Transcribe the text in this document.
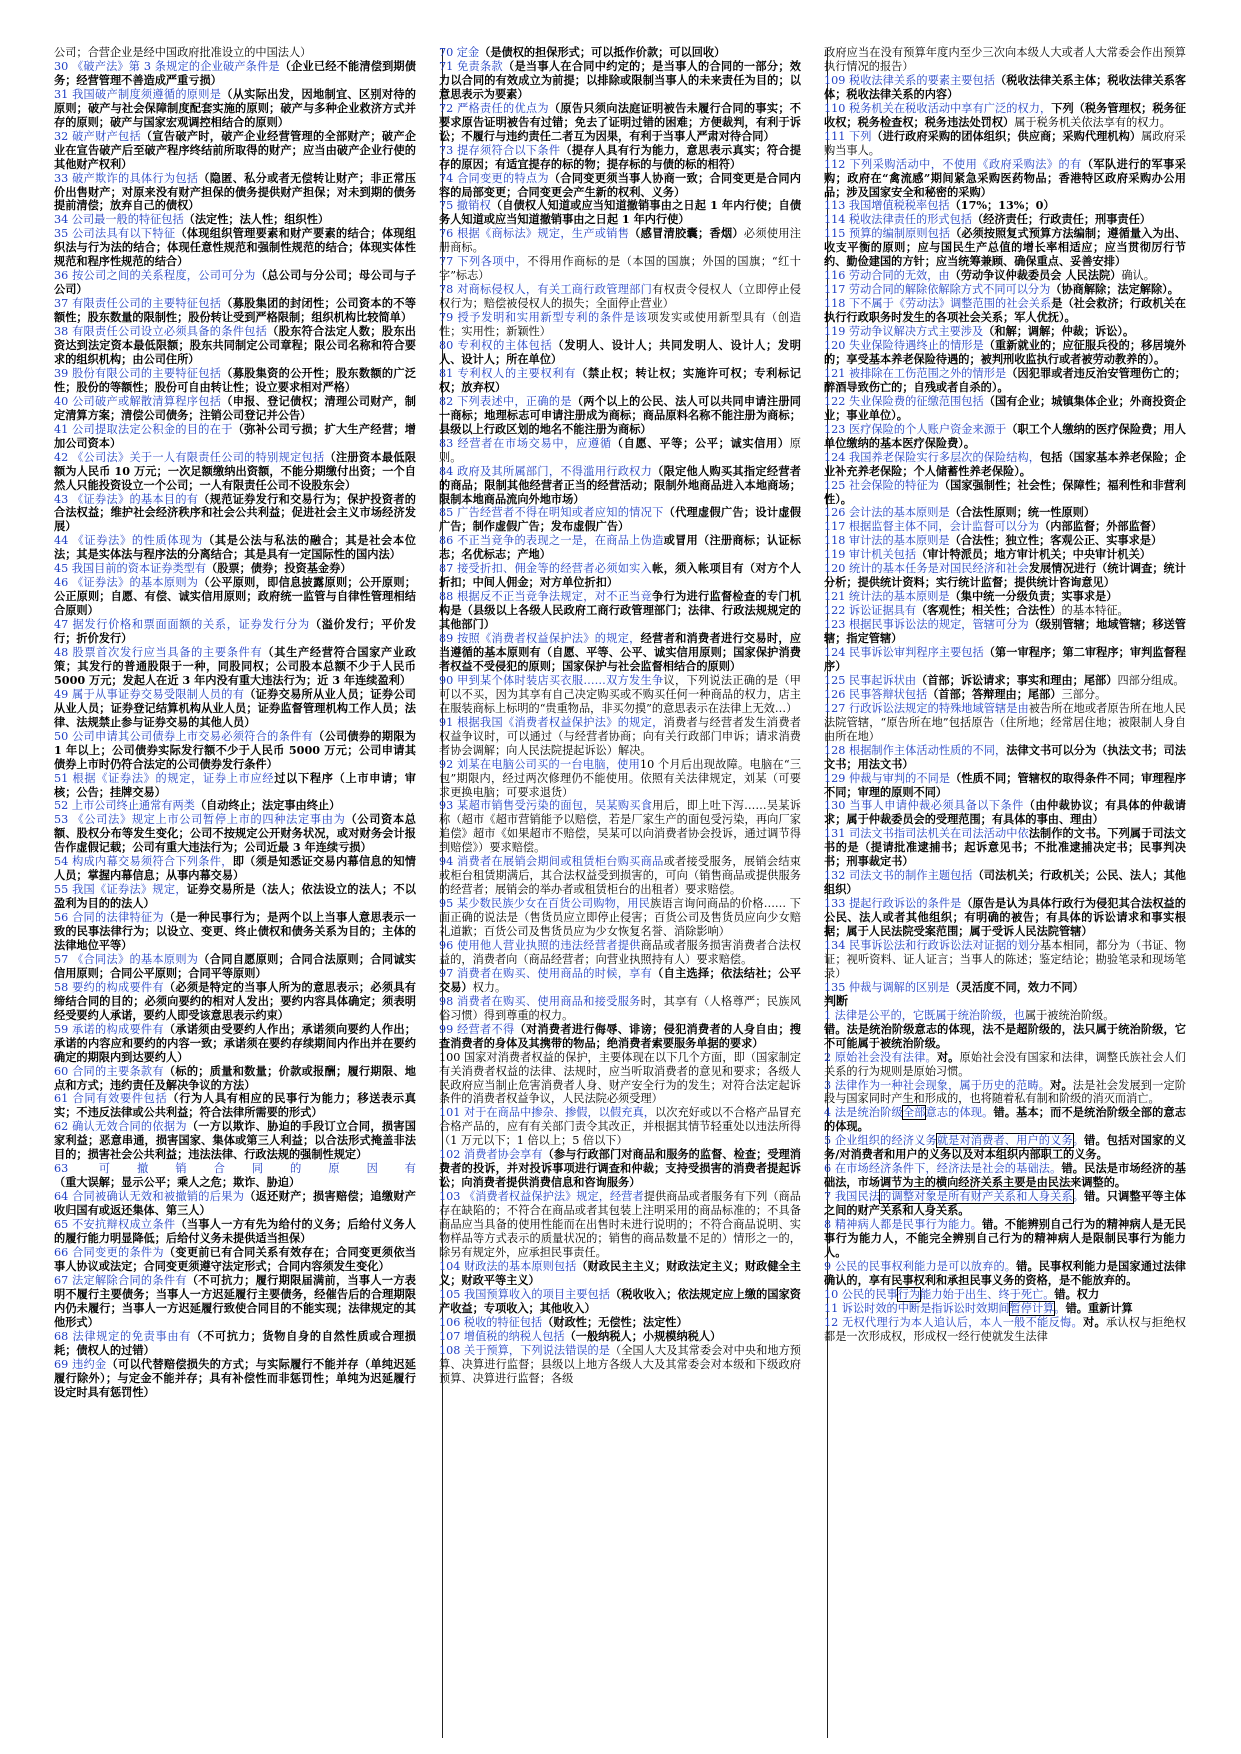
公司；合营企业是经中国政府批准设立的中国法人）

30 《破产法》第 3 条规定的企业破产条件是（企业已经不能清偿到期债务；经营管理不善造成严重亏损）

31 我国破产制度须遵循的原则是（从实际出发，因地制宜、区别对待的原则；破产与社会保障制度配套实施的原则；破产与多种企业救济方式并存的原则；破产与国家宏观调控相结合的原则）

32 破产财产包括（宣告破产时，破产企业经营管理的全部财产；破产企业在宣告破产后至破产程序终结前所取得的财产；应当由破产企业行使的其他财产权利）

33 破产欺诈的具体行为包括（隐匿、私分或者无偿转让财产；非正常压价出售财产；对原来没有财产担保的债务提供财产担保；对未到期的债务提前清偿；放弃自己的债权）

34 公司最一般的特征包括（法定性；法人性；组织性）

35 公司法具有以下特征（体现组织管理要素和财产要素的结合；体现组织法与行为法的结合；体现任意性规范和强制性规范的结合；体现实体性规范和程序性规范的结合）

36 按公司之间的关系程度，公司可分为（总公司与分公司；母公司与子公司）

37 有限责任公司的主要特征包括（募股集团的封闭性；公司资本的不等额性；股东数量的限制性；股份转让受到严格限制；组织机构比较简单）

38 有限责任公司设立必须具备的条件包括（股东符合法定人数；股东出资达到法定资本最低限额；股东共同制定公司章程；限公司名称和符合要求的组织机构；由公司住所）

39 股份有限公司的主要特征包括（募股集资的公开性；股东数额的广泛性；股份的等额性；股份可自由转让性；设立要求相对严格）

40 公司破产或解散清算程序包括（申报、登记债权；清理公司财产，制定清算方案；清偿公司债务；注销公司登记并公告）

41 公司提取法定公积金的目的在于（弥补公司亏损；扩大生产经营；增加公司资本）

42 《公司法》关于一人有限责任公司的特别规定包括（注册资本最低限额为人民币 10 万元；一次足额缴纳出资额，不能分期缴付出资；一个自然人只能投资设立一个公司；一人有限责任公司不设股东会）

43 《证券法》的基本目的有（规范证券发行和交易行为；保护投资者的合法权益；维护社会经济秩序和社会公共利益；促进社会主义市场经济发展）

44 《证券法》的性质体现为（其是公法与私法的融合；其是社会本位法；其是实体法与程序法的分离结合；其是具有一定国际性的国内法）

45 我国目前的资本证券类型有（股票；债券；投资基金券）

46 《证券法》的基本原则为（公平原则，即信息披露原则；公开原则；公正原则；自愿、有偿、诚实信用原则；政府统一监管与自律性管理相结合原则）

47 据发行价格和票面面额的关系，证券发行分为（溢价发行；平价发行；折价发行）

48 股票首次发行应当具备的主要条件有（其生产经营符合国家产业政策；其发行的普通股限于一种，同股同权；公司股本总额不少于人民币 5000 万元；发起人在近 3 年内没有重大违法行为；近 3 年连续盈利）

49 属于从事证券交易受限制人员的有（证券交易所从业人员；证券公司从业人员；证券登记结算机构从业人员；证券监督管理机构工作人员；法律、法规禁止参与证券交易的其他人员）

50 公司申请其公司债券上市交易必须符合的条件有（公司债券的期限为 1 年以上；公司债券实际发行额不少于人民币 5000 万元；公司申请其债券上市时仍符合法定的公司债券发行条件）

51 根据《证券法》的规定，证券上市应经过以下程序（上市申请；审核；公告；挂牌交易）

52 上市公司终止通常有两类（自动终止；法定事由终止）

53 《公司法》规定上市公司暂停上市的四种法定事由为（公司资本总额、股权分布等发生变化；公司不按规定公开财务状况，或对财务会计报告作虚假记载；公司有重大违法行为；公司近最 3 年连续亏损）

54 构成内幕交易须符合下列条件，即（须是知悉证交易内幕信息的知情人员；掌握内幕信息；从事内幕交易）

55 我国《证券法》规定，证券交易所是（法人；依法设立的法人；不以盈利为目的的法人）

56 合同的法律特征为（是一种民事行为；是两个以上当事人意思表示一致的民事法律行为；以设立、变更、终止债权和债务关系为目的；主体的法律地位平等）

57 《合同法》的基本原则为（合同自愿原则；合同合法原则；合同诚实信用原则；合同公平原则；合同平等原则）

58 要约的构成要件有（必须是特定的当事人所为的意思表示；必须具有缔结合同的目的；必须向要约的相对人发出；要约内容具体确定；须表明经受要约人承诺，要约人即受该意思表示约束）

59 承诺的构成要件有（承诺须由受要约人作出；承诺须向要约人作出；承诺的内容应和要约的内容一致；承诺须在要约存续期间内作出并在要约确定的期限内到达要约人）

60 合同的主要条款有（标的；质量和数量；价款或报酬；履行期限、地点和方式；违约责任及解决争议的方法）

61 合同有效要件包括（行为人具有相应的民事行为能力；移送表示真实；不违反法律或公共利益；符合法律所需要的形式）

62 确认无效合同的依据为（一方以欺诈、胁迫的手段订立合同，损害国家利益；恶意串通，损害国家、集体或第三人利益；以合法形式掩盖非法目的；损害社会公共利益；违法法律、行政法规的强制性规定）

63 可撤销合同的原因有（重大误解；显示公平；乘人之危；欺诈、胁迫）

64 合同被确认无效和被撤销的后果为（返还财产；损害赔偿；追缴财产收归国有或返还集体、第三人）

65 不安抗辩权成立条件（当事人一方有先为给付的义务；后给付义务人的履行能力明显降低；后给付义务未提供适当担保）

66 合同变更的条件为（变更前已有合同关系有效存在；合同变更须依当事人协议或法定；合同变更须遵守法定形式；合同内容须发生变化）

67 法定解除合同的条件有（不可抗力；履行期限届满前，当事人一方表明不履行主要债务；当事人一方迟延履行主要债务，经催告后的合理期限内仍未履行；当事人一方迟延履行致使合同目的不能实现；法律规定的其他形式）

68 法律规定的免责事由有（不可抗力；货物自身的自然性质或合理损耗；债权人的过错）

69 违约金（可以代替赔偿损失的方式；与实际履行不能并存（单纯迟延履行除外）；与定金不能并存；具有补偿性而非惩罚性；单纯为迟延履行设定时具有惩罚性）

70 定金（是债权的担保形式；可以抵作价款；可以回收）

71 免责条款（是当事人在合同中约定的；是当事人的合同的一部分；效力以合同的有效成立为前提；以排除或限制当事人的未来责任为目的；以意思表示为要素）

72 严格责任的优点为（原告只须向法庭证明被告未履行合同的事实；不要求原告证明被告有过错；免去了证明过错的困难；方便裁判，有利于诉讼；不履行与违约责任二者互为因果，有利于当事人严肃对待合同）

73 提存须符合以下条件（提存人具有行为能力，意思表示真实；符合提存的原因；有适宜提存的标的物；提存标的与债的标的相符）

74 合同变更的特点为（合同变更须当事人协商一致；合同变更是合同内容的局部变更；合同变更会产生新的权利、义务）

75 撤销权（自债权人知道或应当知道撤销事由之日起 1 年内行使；自债务人知道或应当知道撤销事由之日起 1 年内行使）

76 根据《商标法》规定，生产或销售（感冒清胶囊；香烟）必须使用注册商标。

77 下列各项中，不得用作商标的是（本国的国旗；外国的国旗；“红十字”标志）

78 对商标侵权人，有关工商行政管理部门有权责令侵权人（立即停止侵权行为；赔偿被侵权人的损失；全面停止营业）

79 授予发明和实用新型专利的条件是该项发实或使用新型具有（创造性；实用性；新颖性）

80 专利权的主体包括（发明人、设计人；共同发明人、设计人；发明人、设计人；所在单位）

81 专利权人的主要权利有（禁止权；转让权；实施许可权；专利标记权；放弃权）

82 下列表述中，正确的是（两个以上的公民、法人可以共同申请注册同一商标；地理标志可申请注册成为商标；商品原料名称不能注册为商标；县级以上行政区划的地名不能注册为商标）

83 经营者在市场交易中，应遵循（自愿、平等；公平；诚实信用）原则。

84 政府及其所属部门，不得滥用行政权力（限定他人购买其指定经营者的商品；限制其他经营者正当的经营活动；限制外地商品进入本地商场；限制本地商品流向外地市场）

85 广告经营者不得在明知或者应知的情况下（代理虚假广告；设计虚假广告；制作虚假广告；发布虚假广告）

86 不正当竞争的表现之一是，在商品上伪造或冒用（注册商标；认证标志；名优标志；产地）

87 接受折扣、佣金等的经营者必须如实入帐，须入帐项目有（对方个人折扣；中间人佣金；对方单位折扣）

88 根据反不正当竞争法规定，对不正当竞争行为进行监督检查的专门机构是（县级以上各级人民政府工商行政管理部门；法律、行政法规规定的其他部门）

89 按照《消费者权益保护法》的规定，经营者和消费者进行交易时，应当遵循的基本原则有（自愿、平等、公平、诚实信用原则；国家保护消费者权益不受侵犯的原则；国家保护与社会监督相结合的原则）

90 甲到某个体时装店买衣服……双方发生争议，下列说法正确的是（甲可以不买，因为其享有自己决定购买或不购买任何一种商品的权力，店主在服装商标上标明的“贵重物品，非买勿摸”的意思表示在法律上无效…）

91 根据我国《消费者权益保护法》的规定，消费者与经营者发生消费者权益争议时，可以通过（与经营者协商；向有关行政部门申诉；请求消费者协会调解；向人民法院提起诉讼）解决。

92 刘某在电脑公司买的一台电脑，使用10 个月后出现故障。电脑在“三包”期限内，经过两次修理仍不能使用。依照有关法律规定，刘某（可要求更换电脑；可要求退货）

93 某超市销售受污染的面包，吴某购买食用后，即上吐下泻……吴某诉称（超市《超市营销能予以赔偿，若是厂家生产的面包受污染，再向厂家追偿》超市《如果超市不赔偿，吴某可以向消费者协会投诉，通过调节得到赔偿》）要求赔偿。

94 消费者在展销会期间或租赁柜台购买商品或者接受服务，展销会结束或柜台租赁期满后，其合法权益受到损害的，可向（销售商品或提供服务的经营者；展销会的举办者或租赁柜台的出租者）要求赔偿。

95 某少数民族少女在百货公司购物，用民族语言询问商品的价格…… 下面正确的说法是（售货员应立即停止侵害；百货公司及售货员应向少女赔礼道歉；百货公司及售货员应为少女恢复名誉、消除影响）

96 使用他人营业执照的违法经营者提供商品或者服务损害消费者合法权益的，消费者向（商品经营者；向营业执照持有人）要求赔偿。

97 消费者在购买、使用商品的时候，享有（自主选择；依法结社；公平交易）权力。

98 消费者在购买、使用商品和接受服务时，其享有（人格尊严；民族风俗习惯）得到尊重的权力。

99 经营者不得（对消费者进行侮辱、诽谤；侵犯消费者的人身自由；搜查消费者的身体及其携带的物品；绝消费者索要服务单据的要求）

100 国家对消费者权益的保护，主要体现在以下几个方面，即（国家制定有关消费者权益的法律、法规时，应当听取消费者的意见和要求；各级人民政府应当制止危害消费者人身、财产安全行为的发生；对符合法定起诉条件的消费者权益争议，人民法院必须受理）

101 对于在商品中掺杂、掺假，以假充真，以次充好或以不合格产品冒充合格产品的，应有有关部门责令其改正，并根据其情节轻重处以违法所得（1 万元以下；1 倍以上；5 倍以下）

102 消费者协会享有（参与行政部门对商品和服务的监督、检查；受理消费者的投诉，并对投诉事项进行调查和仲裁；支持受损害的消费者提起诉讼；向消费者提供消费信息和咨询服务）

103 《消费者权益保护法》规定，经营者提供商品或者服务有下列（商品存在缺陷的；不符合在商品或者其包装上注明采用的商品标准的；不具备商品应当具备的使用性能而在出售时未进行说明的；不符合商品说明、实物样品等方式表示的质量状况的；销售的商品数量不足的）情形之一的，除另有规定外，应承担民事责任。

104 财政法的基本原则包括（财政民主主义；财政法定主义；财政健全主义；财政平等主义）

105 我国预算收入的项目主要包括（税收收入；依法规定应上缴的国家资产收益；专项收入；其他收入）

106 税收的特征包括（财政性；无偿性；法定性）

107 增值税的纳税人包括（一般纳税人；小规模纳税人）

108 关于预算，下列说法错误的是（全国人大及其常委会对中央和地方预算、决算进行监督；县级以上地方各级人大及其常委会对本级和下级政府预算、决算进行监督；各级

政府应当在没有预算年度内至少三次向本级人大或者人大常委会作出预算执行情况的报告）

109 税收法律关系的要素主要包括（税收法律关系主体；税收法律关系客体；税收法律关系的内容）

110 税务机关在税收活动中享有广泛的权力，下列（税务管理权；税务征收权；税务检查权；税务违法处罚权）属于税务机关依法享有的权力。

111 下列（进行政府采购的团体组织；供应商；采购代理机构）属政府采购当事人。

112 下列采购活动中，不使用《政府采购法》的有（军队进行的军事采购；政府在“禽流感”期间紧急采购医药物品；香港特区政府采购办公用品；涉及国家安全和秘密的采购）

113 我国增值税税率包括（17%；13%；0）

114 税收法律责任的形式包括（经济责任；行政责任；刑事责任）

115 预算的编制原则包括（必须按照复式预算方法编制；遵循量入为出、收支平衡的原则；应与国民生产总值的增长率相适应；应当贯彻厉行节约、勤俭建国的方针；应当统筹兼顾、确保重点、妥善安排）

116 劳动合同的无效，由（劳动争议仲裁委员会 人民法院）确认。

117 劳动合同的解除依解除方式不同可以分为（协商解除；法定解除）。

118 下不属于《劳动法》调整范围的社会关系是（社会救济；行政机关在执行行政职务时发生的各项社会关系；军人优抚）。

119 劳动争议解决方式主要涉及（和解；调解；仲裁；诉讼）。

120 失业保险待遇终止的情形是（重新就业的；应征服兵役的；移居境外的；享受基本养老保险待遇的；被判刑收监执行或者被劳动教养的）。

121 被排除在工伤范围之外的情形是（因犯罪或者违反治安管理伤亡的；醉酒导致伤亡的；自残或者自杀的）。

122 失业保险费的征缴范围包括（国有企业；城镇集体企业；外商投资企业；事业单位）。

123 医疗保险的个人账户资金来源于（职工个人缴纳的医疗保险费；用人单位缴纳的基本医疗保险费）。

124 我国养老保险实行多层次的保险结构，包括（国家基本养老保险；企业补充养老保险；个人储蓄性养老保险）。

125 社会保险的特征为（国家强制性；社会性；保障性；福利性和非营利性）。

126 会计法的基本原则是（合法性原则；统一性原则）

117 根据监督主体不同，会计监督可以分为（内部监督；外部监督）

118 审计法的基本原则是（合法性；独立性；客观公正、实事求是）

119 审计机关包括（审计特派员；地方审计机关；中央审计机关）

120 统计的基本任务是对国民经济和社会发展情况进行（统计调查；统计分析；提供统计资料；实行统计监督；提供统计咨询意见）

121 统计法的基本原则是（集中统一分级负责；实事求是）

122 诉讼证据具有（客观性；相关性；合法性）的基本特征。

123 根据民事诉讼法的规定，管辖可分为（级别管辖；地域管辖；移送管辖；指定管辖）

124 民事诉讼审判程序主要包括（第一审程序；第二审程序；审判监督程序）

125 民事起诉状由（首部；诉讼请求；事实和理由；尾部）四部分组成。

126 民事答辩状包括（首部；答辩理由；尾部）三部分。

127 行政诉讼法规定的特殊地域管辖是由被告所在地或者原告所在地人民法院管辖，“原告所在地”包括原告（住所地；经常居住地；被限制人身自由所在地）

128 根据制作主体活动性质的不同，法律文书可以分为（执法文书；司法文书；用法文书）

129 仲裁与审判的不同是（性质不同；管辖权的取得条件不同；审理程序不同；审理的原则不同）

130 当事人申请仲裁必须具备以下条件（由仲裁协议；有具体的仲裁请求；属于仲裁委员会的受理范围；有具体的事由、理由）

131 司法文书指司法机关在司法活动中依法制作的文书。下列属于司法文书的是（提请批准逮捕书；起诉意见书；不批准逮捕决定书；民事判决书；刑事裁定书）

132 司法文书的制作主题包括（司法机关；行政机关；公民、法人；其他组织）

133 提起行政诉讼的条件是（原告是认为具体行政行为侵犯其合法权益的公民、法人或者其他组织；有明确的被告；有具体的诉讼请求和事实根据；属于人民法院受案范围；属于受诉人民法院管辖）

134 民事诉讼法和行政诉讼法对证据的划分基本相同，都分为（书证、物证；视听资料、证人证言；当事人的陈述；鉴定结论；勘验笔录和现场笔录）

135 仲裁与调解的区别是（灵活度不同，效力不同）

判断

1 法律是公平的，它既属于统治阶级，也属于被统治阶级。

错。法是统治阶级意志的体现，法不是超阶级的，法只属于统治阶级，它不可能属于被统治阶级。

2 原始社会没有法律。对。原始社会没有国家和法律，调整氏族社会人们关系的行为规则是原始习惯。

3 法律作为一种社会现象，属于历史的范畴。对。法是社会发展到一定阶段与国家同时产生和形成的，也将随着私有制和阶级的消灭而消亡。

4 法是统治阶级全部意志的体现。错。基本；而不是统治阶级全部的意志的体现。

5 企业组织的经济义务就是对消费者、用户的义务。错。包括对国家的义务/对消费者和用户的义务以及对本组织内部职工的义务。

6 在市场经济条件下，经济法是社会的基础法。错。民法是市场经济的基础法，市场调节为主的横向经济关系主要是由民法来调整的。

7 我国民法的调整对象是所有财产关系和人身关系。错。只调整平等主体之间的财产关系和人身关系。

8 精神病人都是民事行为能力。错。不能辨别自己行为的精神病人是无民事行为能力人，不能完全辨别自己行为的精神病人是限制民事行为能力人。

9 公民的民事权利能力是可以放弃的。错。民事权利能力是国家通过法律确认的，享有民事权利和承担民事义务的资格，是不能放弃的。

10 公民的民事行为能力始于出生、终于死亡。错。权力

11 诉讼时效的中断是指诉讼时效期间暂停计算。错。重新计算

12 无权代理行为本人追认后，本人一般不能反悔。对。承认权与拒绝权都是一次形成权，形成权一经行使就发生法律
